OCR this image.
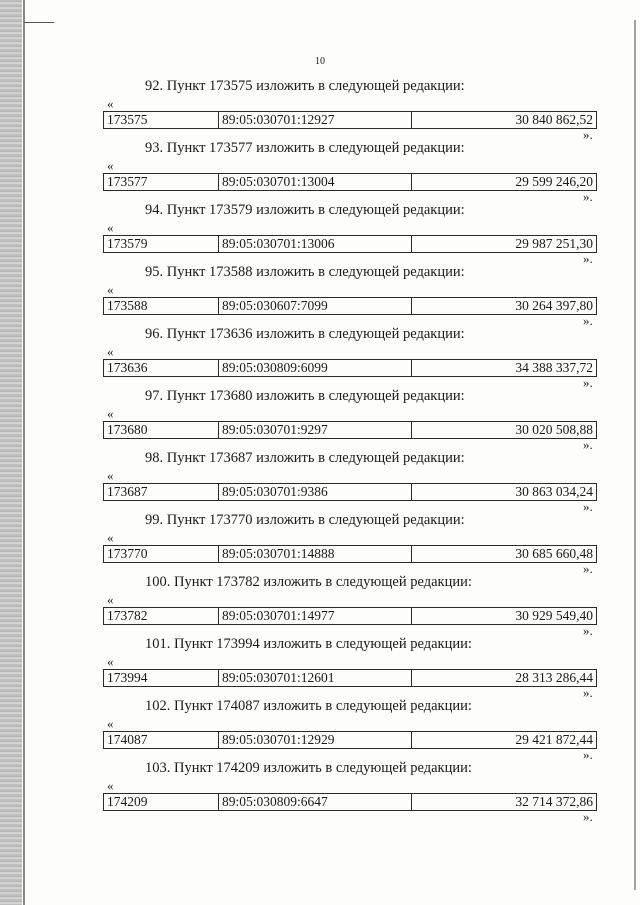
10
92. Пункт 173575 изложить в следующей редакции:
«
173575	89:05:030701:12927	30 840 862,52
».
93. Пункт 173577 изложить в следующей редакции:
«
173577	89:05:030701:13004	29 599 246,20
».
94. Пункт 173579 изложить в следующей редакции:
«
173579	89:05:030701:13006	29 987 251,30
».
95. Пункт 173588 изложить в следующей редакции:
«
173588	89:05:030607:7099	30 264 397,80
».
96. Пункт 173636 изложить в следующей редакции:
«
173636	89:05:030809:6099	34 388 337,72
».
97. Пункт 173680 изложить в следующей редакции:
«
173680	89:05:030701:9297	30 020 508,88
».
98. Пункт 173687 изложить в следующей редакции:
«
173687	89:05:030701:9386	30 863 034,24
».
99. Пункт 173770 изложить в следующей редакции:
«
173770	89:05:030701:14888	30 685 660,48
».
100. Пункт 173782 изложить в следующей редакции:
«
173782	89:05:030701:14977	30 929 549,40
».
101. Пункт 173994 изложить в следующей редакции:
«
173994	89:05:030701:12601	28 313 286,44
».
102. Пункт 174087 изложить в следующей редакции:
«
174087	89:05:030701:12929	29 421 872,44
».
103. Пункт 174209 изложить в следующей редакции:
«
174209	89:05:030809:6647	32 714 372,86
».
